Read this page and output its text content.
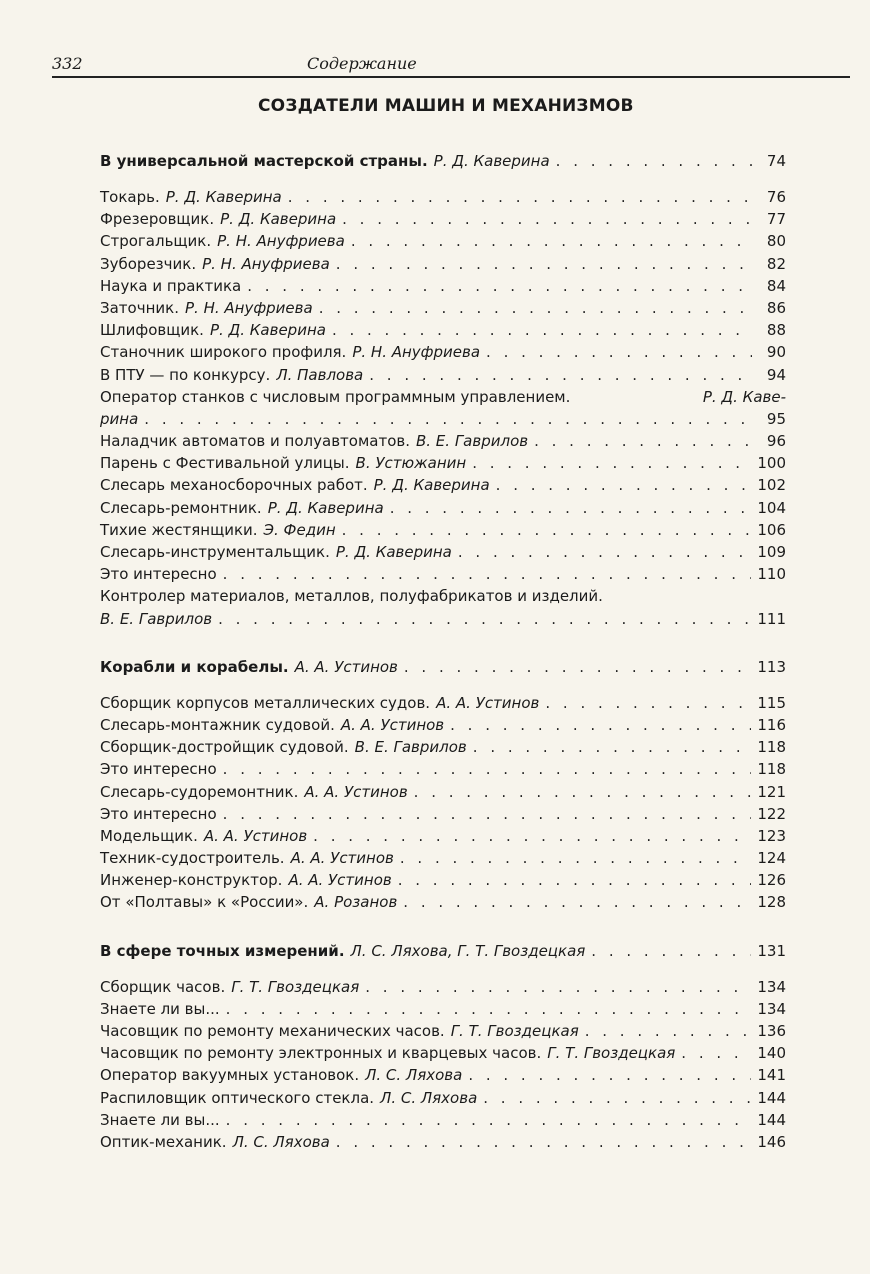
332	Содержание
СОЗДАТЕЛИ МАШИН И МЕХАНИЗМОВ
В универсальной мастерской страны. Р. Д. Каверина . . .	74
Токарь. Р. Д. Каверина . . .	76
Фрезеровщик. Р. Д. Каверина . . .	77
Строгальщик. Р. Н. Ануфриева . . .	80
Зуборезчик. Р. Н. Ануфриева . . .	82
Наука и практика . . .	84
Заточник. Р. Н. Ануфриева . . .	86
Шлифовщик. Р. Д. Каверина . . .	88
Станочник широкого профиля. Р. Н. Ануфриева . . .	90
В ПТУ — по конкурсу. Л. Павлова . . .	94
Оператор станков с числовым программным управлением.	Р. Д. Каве-
рина . . .	95
Наладчик автоматов и полуавтоматов. В. Е. Гаврилов . . .	96
Парень с Фестивальной улицы. В. Устюжанин . . .	100
Слесарь механосборочных работ. Р. Д. Каверина . . .	102
Слесарь-ремонтник. Р. Д. Каверина . . .	104
Тихие жестянщики. Э. Федин . . .	106
Слесарь-инструментальщик. Р. Д. Каверина . . .	109
Это интересно . . .	110
Контролер материалов, металлов, полуфабрикатов и изделий.
В. Е. Гаврилов . . .	111
Корабли и корабелы. А. А. Устинов . . .	113
Сборщик корпусов металлических судов. А. А. Устинов . . .	115
Слесарь-монтажник судовой. А. А. Устинов . . .	116
Сборщик-достройщик судовой. В. Е. Гаврилов . . .	118
Это интересно . . .	118
Слесарь-судоремонтник. А. А. Устинов . . .	121
Это интересно . . .	122
Модельщик. А. А. Устинов . . .	123
Техник-судостроитель. А. А. Устинов . . .	124
Инженер-конструктор. А. А. Устинов . . .	126
От «Полтавы» к «России». А. Розанов . . .	128
В сфере точных измерений. Л. С. Ляхова, Г. Т. Гвоздецкая . . .	131
Сборщик часов. Г. Т. Гвоздецкая . . .	134
Знаете ли вы... . . .	134
Часовщик по ремонту механических часов. Г. Т. Гвоздецкая . . .	136
Часовщик по ремонту электронных и кварцевых часов. Г. Т. Гвоздецкая . . .	140
Оператор вакуумных установок. Л. С. Ляхова . . .	141
Распиловщик оптического стекла. Л. С. Ляхова . . .	144
Знаете ли вы... . . .	144
Оптик-механик. Л. С. Ляхова . . .	146
